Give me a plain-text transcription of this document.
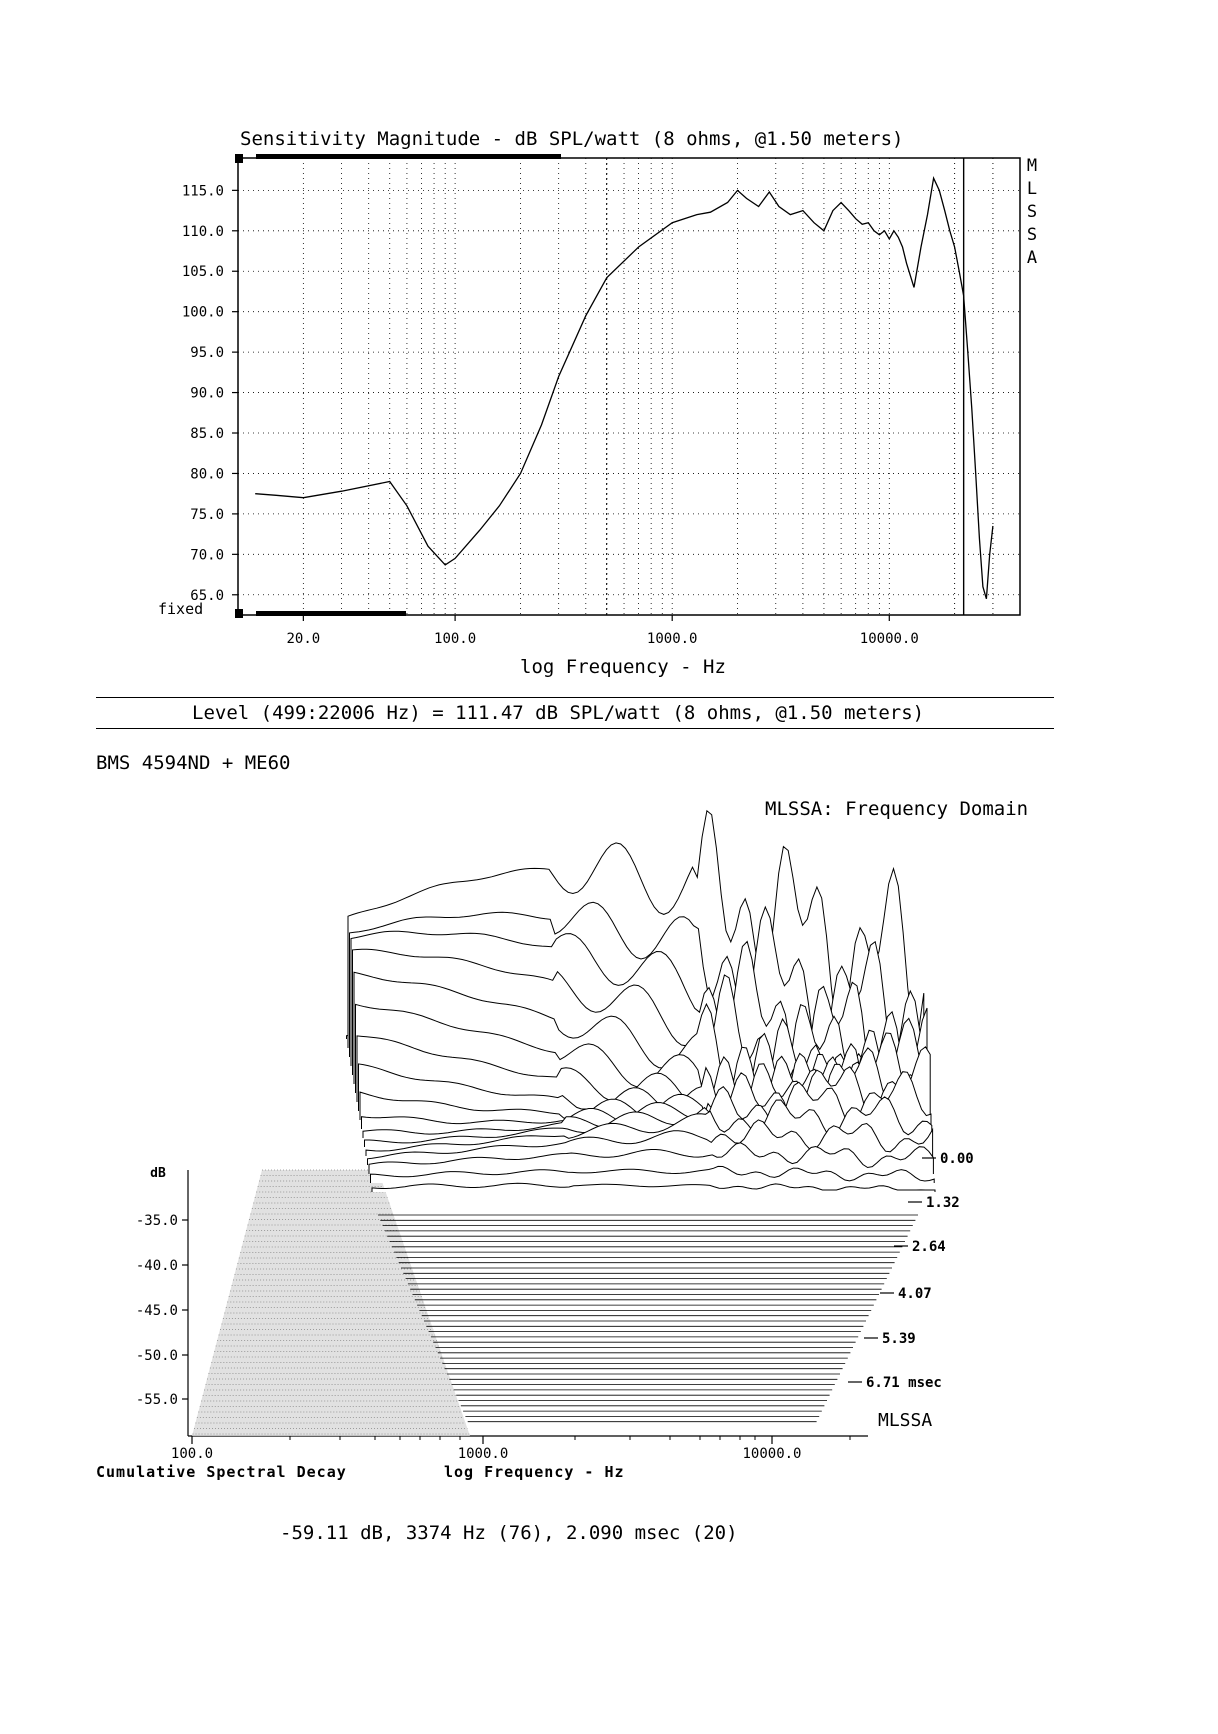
Sensitivity Magnitude - dB SPL/watt (8 ohms, @1.50 meters)
65.0
70.0
75.0
80.0
85.0
90.0
95.0
100.0
105.0
110.0
115.0
20.0	100.0	1000.0	10000.0
MLSSA
fixed
log Frequency - Hz
Level (499:22006 Hz) = 111.47 dB SPL/watt (8 ohms, @1.50 meters)
BMS 4594ND + ME60
MLSSA: Frequency Domain
dB
-35.0
-40.0
-45.0
-50.0
-55.0
100.0	1000.0	10000.0
0.00
1.32
2.64
4.07
5.39
6.71 msec
MLSSA
Cumulative Spectral Decay	log Frequency - Hz
-59.11 dB, 3374 Hz (76), 2.090 msec (20)
